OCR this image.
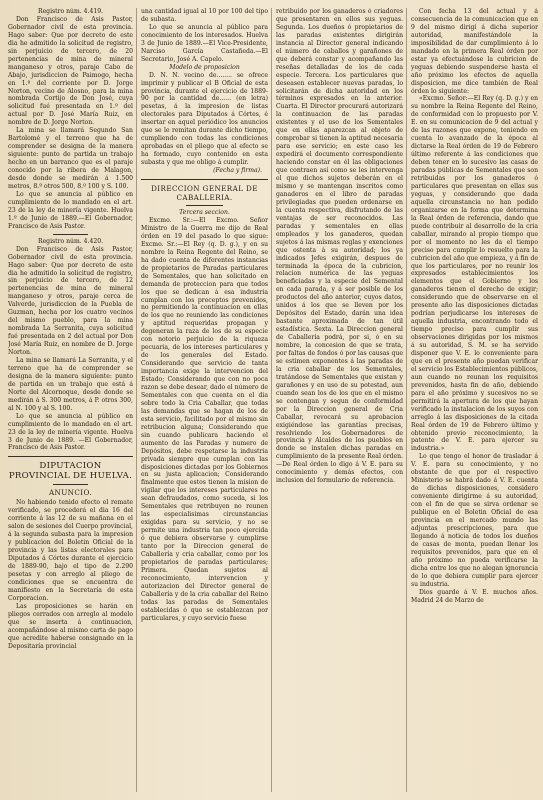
Registro núm. 4.419.

Don Francisco de Asis Pastor, Gobernador civil de esta provincia. Hago saber: Que por decreto de este dia he admitido la solicitud de registro, sin perjuicio de tercero, de 20 pertenencias de mina de mineral manganeso y otros, paraje Cabo de Abajo, jurisdiccion de Paimogo, hecha en 1.º del corriente por D. Jorge Norton, vecino de Alosno, para la mina nombrada Cortijo de Don José, cuya solicitud fué presentada en 1.º del actual por D. José María Ruiz, en nombre de D. Jorge Norton.

La mina se llamará Segundo San Bartolomé y el terreno que ha de comprender se designa de la manera siguiente: punto de partida un trabajo hecho en un barranco que es el paraje conocido por la ribera de Malagon, desde donde se medirán á 1.500 metros, 8.º otros 500, 8.º 100 y S. 100.

Lo que se anuncia al público en cumplimiento de lo mandado en el art. 23 de la ley de minería vigente. Huelva 1.º de Junio de 1889.—El Gobernador, Francisco de Asis Pastor.

Registro núm. 4.420.

Don Francisco de Asis Pastor, Gobernador civil de esta provincia. Hago saber: Que por decreto de este dia he admitido la solicitud de registro, sin perjuicio de tercero, de 12 pertenencias de mina de mineral manganeso y otros, paraje cerca de Valverde, jurisdiccion de la Puebla de Guzman, hecha por los cuatro vecinos del mismo pueblo, para la mina nombrada La Serranita, cuya solicitud fué presentada en 2 del actual por Don José María Ruiz, en nombre de D. Jorge Norton.

La mina se llamará La Serranita, y el terreno que ha de comprender se designa de la manera siguiente: punto de partida en un trabajo que está á Norte del Alcornoque, desde donde se medirán á S. 300 metros, á P. otros 300, al N. 100 y al S. 100.

Lo que se anuncia al público en cumplimiento de lo mandado en el art. 23 de la ley de minería vigente. Huelva 3 de Junio de 1889. —El Gobernador, Francisco de Asis Pastor.

DIPUTACION PROVINCIAL DE HUELVA.
ANUNCIO.

No habiendo tenido efecto el remate verificado, se procederá el dia 16 del corriente á las 12 de su mañana en el salon de sesiones del Cuerpo provincial, á la segunda subasta para la impresion y publicacion del Boletin Oficial de la provincia y las listas electorales para Diputados á Córtes durante el ejercicio de 1889-90, bajo el tipo de 2.290 pesetas y con arreglo al pliego de condiciones que se encuentra de manifiesto en la Secretaría de esta Corporacion.

Las proposiciones se harán en pliegos cerrados con arreglo al modelo que se inserta á continuacion, acompañándose al mismo carta de pago que acredite haberse consignado en la Depositaría provincial

una cantidad igual al 10 por 100 del tipo de subasta.

Lo que se anuncia al público para conocimiento de los interesados. Huelva 3 de Junio de 1889.—El Vice-Presidente, Narciso García Castañeda.—El Secretario, José A. Capelo.

Modelo de proposicion

D. N. N. vecino de........ se ofrece imprimir y publicar el B Oficial de esta provincia, durante el ejercicio de 1889-90 por la cantidad de...... (en letra) pesetas, á la impresion de listas electorales para Diputados á Córtes, é insertar en aquel periódico los anuncios que se le remitan durante dicho tiempo, cumpliendo con todas las condiciones aprobadas en el pliego que al efecto se ha formado, cuyo contenido en esta subasta y que me obligo á cumplir.

(Fecha y firma).

DIRECCION GENERAL DE CABALLERIA.

Tercera seccion.

Excmo. Sr.:—El Excmo. Señor Ministro de la Guerra me dijo de Real órden en 19 del pasado lo que sigue: Excmo. Sr.:—El Rey (q. D. g.), y en su nombre la Reina Regente del Reino, se ha dado cuenta de diferentes instancias de propietarios de Paradas particulares de Sementales, que han solicitado en demanda de proteccion para que todos los que se dedican á esa industria cumplan con los preceptos prevenidos, no permitiendo la continuacion en ellas de los que no reuniendo las condiciones y aptitud requeridas propagan y degeneran la raza de los de su especie con notorio perjuicio de la riqueza pecuaria, de los intereses particulares y de los generales del Estado. Considerando que servicio de tanta importancia exige la intervencion del Estado; Considerando que con no poca razon se debe desear, dado el número de Sementales con que cuenta en el dia sobre todo la Cria Caballar, que todas las demandas que se hagan de los de esta servicio, facilitado por el mismo sin retribucion alguna; Considerando que sin cuando publicara haciendo el aumento de las Paradas y numero de Depósitos, debe respetarse la industria privada siempre que cumplan con las disposiciones dictadas por los Gobiernos en su justa aplicacion; Considerando finalmente que estos tienen la mision de vigilar que los intereses particulares no sean defraudados, como suceda, si los Sementales que retribuyen no reunen las especialisimas circunstancias exigidas para su servicio, y no se permite una industria tan poco ejercida ó que debiera observarse y cumplirse tanto por la Direccion general de Caballería y cria caballar, como por los propietarios de paradas particulares; Primera. Quedan sujetos al reconocimiento, intervencion y autorizacion del Director general de Caballería y de la cria caballar del Reino todas las paradas de Sementales establecidas ó que se establezcan por particulares, y cuyo servicio fuese

retribuido por los ganaderos ó criadores que presentaren en ellos sus yeguas. Segunda. Los dueños ó propietarios de las paradas existentes dirigirán instancia al Director general indicando el número de caballos y garañones de que deberá constar y acompañando las reseñas detalladas de los de cada especie. Tercera. Los particulares que deseasen establecer nuevas paradas, lo solicitarán de dicha autoridad en los términos expresados en la anterior. Cuarta. El Director procurará autorizará la continuacion de las paradas existentes y el uso de los Sementales que en ellas aparezcan al objeto de comprobar si tienen la aptitud necesaria para ese servicio; en este caso les expedirá el documento correspondiente haciendo constar en él las obligaciones que contraen así como se les intervenga el que dichos sujetos deberán en el mismo y se mantengan inscritos como ganaderos en el libro de paradas privilegiadas que pueden ordenarse en la cuenta respectiva, disfrutando de las ventajas de ser reconocidos. Las paradas y sementales en ellas empleados y los ganaderos, quedan sujetos á las mismas reglas y exenciones que ostenta á su autoridad; los ya indicados Jefes exigirán, despues de terminada la época de la cubricion, relacion numérica de las yeguas beneficiadas y la especie del Semental en cada parada, y á ser posible de los productos del año anterior, cuyos datos, unidos á los que se lleven por los Depósitos del Estado, darán una idea bastante aproximada de tan útil estadística. Sexta. La Direccion general de Caballería podrá, por si, ó en su nombre, la concesion de que se trata, por faltas de fondos ó por las causas que se estimen exponentes á las paradas de la cria caballar de los Sementales, tratándose de Sementales que existan y garañones y en uso de su potestad, aun cuando sean los de los que en el mismo se contengan y segun de conformidad por la Direccion general de Cria Caballar, revocará su aprobacion exigiéndose las garantías precisas, resolviendo los Gobernadores de provincia y Alcaldes de los pueblos en donde se instalen dichas paradas en cumplimiento de la presente Real órden. —De Real órden lo digo á V. E. para su conocimiento y demás efectos, con inclusion del formulario de referencia.

Con fecha 13 del actual y á consecuencia de la comunicacion que en 9 del mismo dirigí á dicha superior autoridad, manifestándole la imposibilidad de dar cumplimiento á lo mandado en la primera Real órden por estar ya efectuándose la cubricion de yeguas debiendo suspenderse hasta el año próximo los efectos de aquella disposicion, me dice también de Real órden lo siguiente:

«Excmo. Señor:—El Rey (q. D. g.) y en su nombre la Reina Regente del Reino, de conformidad con lo propuesto por V. E. en su comunicacion de 9 del actual y de las razones que expone, teniendo en cuenta lo avanzado de la época al dictarse la Real órden de 19 de Febrero último referente á las condiciones que deben tener en lo sucesivo las casas de paradas públicas de Sementales que son retribuidas por los ganaderos ó particulares que presentan en ellas sus yeguas, y considerando que dada aquella circunstancia no han podido organizarse en la forma que determina la Real órden de referencia, dando que puede contribuir al desarrollo de la cria caballar, mirando al propio tiempo que por el momento no les da el tiempo preciso para cumplir lo resuelto para la cubricion del año que empieza, y á fin de que los particulares, por no reunir los expresados establecimientos los elementos que el Gobierno y los ganaderos tienen el derecho de exigir; considerando que de observarse en el presente año las disposiciones dictadas podrían perjudicarse los intereses de aquella industria, encontrando todo el tiempo preciso para cumplir sus observaciones dirigidas por los mismos á su autoridad, S. M. se ha servido disponer que V. E. lo conveniente para que en el presente año puedan verificar el servicio los Establecimientos públicos, aun cuando no reunan los requisitos prevenidos, hasta fin de año, debiendo para el año próximo y sucesivos no se permitirá la apertura de los que hayan verificado la instalacion de los suyos con arreglo á las disposiciones de la citada Real órden de 19 de Febrero último y obtenido previo reconocimiento, la patente de V. E. para ejercer su industria.»

Lo que tengo el honor de trasladar á V. E. para su conocimiento, y no obstante de que por el respectivo Ministerio se habrá dado á V. E. cuenta de dichas disposiciones, considero conveniente dirigirme á su autoridad, con el fin de que se sirva ordenar se publique en el Boletin Oficial de esa provincia en el mercado mundo las adjuntas prescripciones, para que llegando á noticia de todos los dueños de casas de monta, puedan llenar los requisitos prevenidos, para que en el año próximo no pueda verificarse la dicha entre los que no alegan ignorancia de lo que debiera cumplir para ejercer su industria.

Dios guarde á V. E. muchos años. Madrid 24 de Marzo de
